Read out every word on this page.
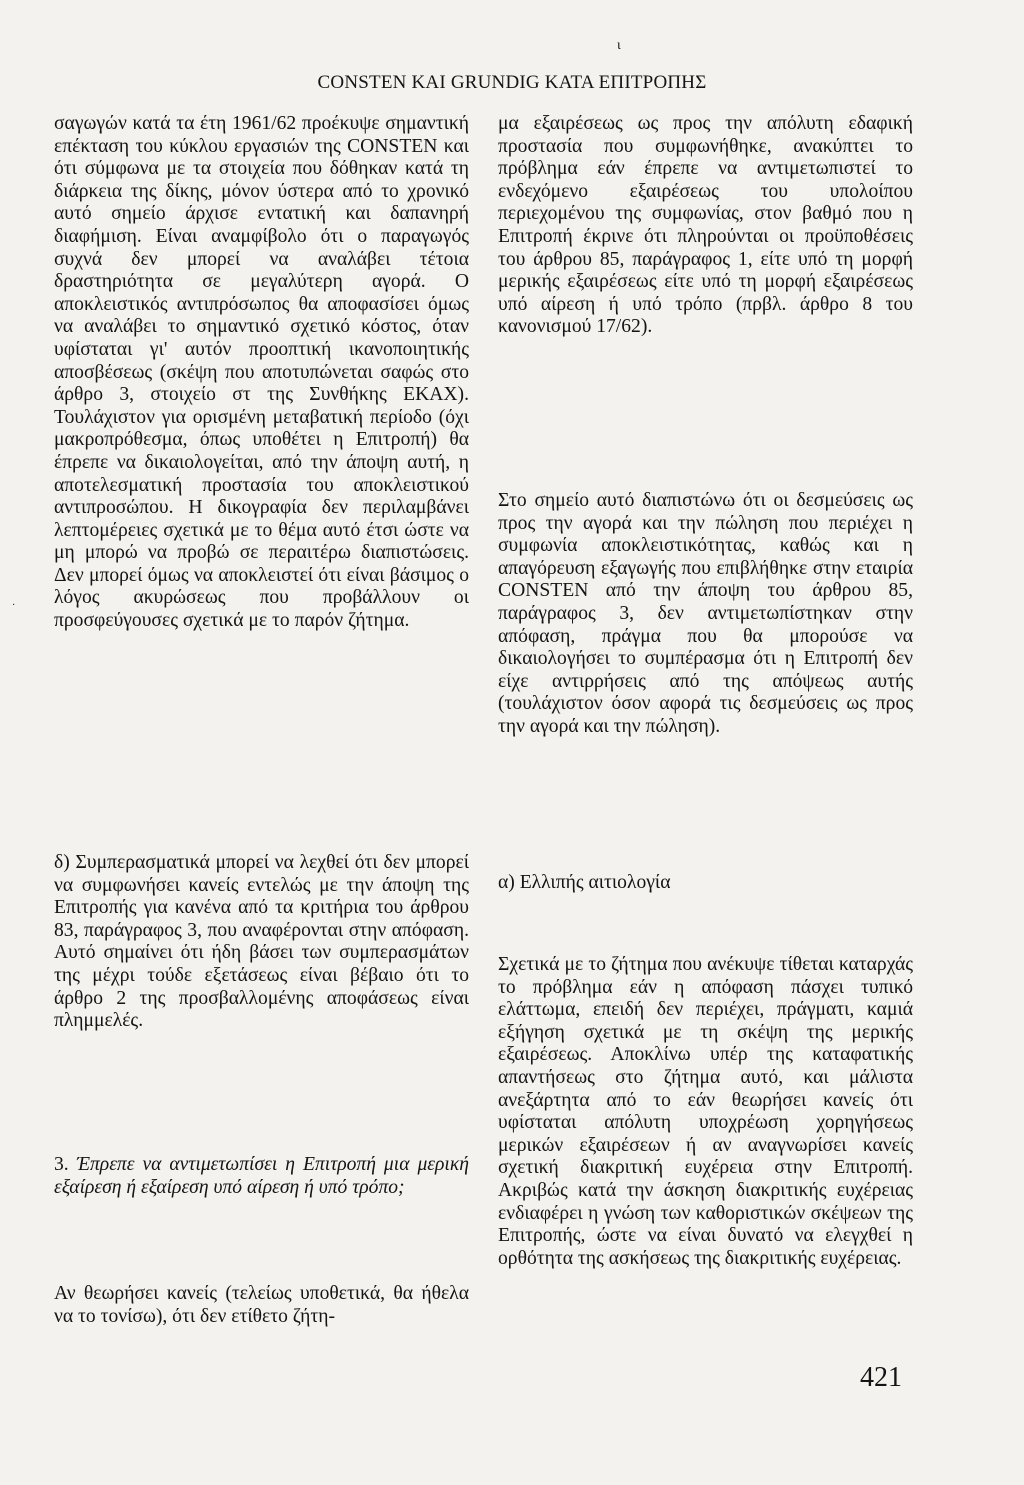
ι
CONSTEN KAI GRUNDIG KATA ΕΠΙΤΡΟΠΗΣ
·

σαγωγών κατά τα έτη 1961/62 προέκυψε σημαντική επέκταση του κύκλου εργασιών της CONSTEN και ότι σύμφωνα με τα στοιχεία που δόθηκαν κατά τη διάρκεια της δίκης, μόνον ύστερα από το χρονικό αυτό σημείο άρχισε εντατική και δαπανηρή διαφήμιση. Είναι αναμφίβολο ότι ο παραγωγός συχνά δεν μπορεί να αναλάβει τέτοια δραστηριότητα σε μεγαλύτερη αγορά. Ο αποκλειστικός αντιπρόσωπος θα αποφασίσει όμως να αναλάβει το σημαντικό σχετικό κόστος, όταν υφίσταται γι' αυτόν προοπτική ικανοποιητικής αποσβέσεως (σκέψη που αποτυπώνεται σαφώς στο άρθρο 3, στοιχείο στ της Συνθήκης ΕΚΑΧ). Τουλάχιστον για ορισμένη μεταβατική περίοδο (όχι μακροπρόθεσμα, όπως υποθέτει η Επιτροπή) θα έπρεπε να δικαιολογείται, από την άποψη αυτή, η αποτελεσματική προστασία του αποκλειστικού αντιπροσώπου. Η δικογραφία δεν περιλαμβάνει λεπτομέρειες σχετικά με το θέμα αυτό έτσι ώστε να μη μπορώ να προβώ σε περαιτέρω διαπιστώσεις. Δεν μπορεί όμως να αποκλειστεί ότι είναι βάσιμος ο λόγος ακυρώσεως που προβάλλουν οι προσφεύγουσες σχετικά με το παρόν ζήτημα.

δ) Συμπερασματικά μπορεί να λεχθεί ότι δεν μπορεί να συμφωνήσει κανείς εντελώς με την άποψη της Επιτροπής για κανένα από τα κριτήρια του άρθρου 83, παράγραφος 3, που αναφέρονται στην απόφαση. Αυτό σημαίνει ότι ήδη βάσει των συμπερασμάτων της μέχρι τούδε εξετάσεως είναι βέβαιο ότι το άρθρο 2 της προσβαλλομένης αποφάσεως είναι πλημμελές.

3. Έπρεπε να αντιμετωπίσει η Επιτροπή μια μερική εξαίρεση ή εξαίρεση υπό αίρεση ή υπό τρόπο;

Αν θεωρήσει κανείς (τελείως υποθετικά, θα ήθελα να το τονίσω), ότι δεν ετίθετο ζήτη-

μα εξαιρέσεως ως προς την απόλυτη εδαφική προστασία που συμφωνήθηκε, ανακύπτει το πρόβλημα εάν έπρεπε να αντιμετωπιστεί το ενδεχόμενο εξαιρέσεως του υπολοίπου περιεχομένου της συμφωνίας, στον βαθμό που η Επιτροπή έκρινε ότι πληρούνται οι προϋποθέσεις του άρθρου 85, παράγραφος 1, είτε υπό τη μορφή μερικής εξαιρέσεως είτε υπό τη μορφή εξαιρέσεως υπό αίρεση ή υπό τρόπο (πρβλ. άρθρο 8 του κανονισμού 17/62).

Στο σημείο αυτό διαπιστώνω ότι οι δεσμεύσεις ως προς την αγορά και την πώληση που περιέχει η συμφωνία αποκλειστικότητας, καθώς και η απαγόρευση εξαγωγής που επιβλήθηκε στην εταιρία CONSTEN από την άποψη του άρθρου 85, παράγραφος 3, δεν αντιμετωπίστηκαν στην απόφαση, πράγμα που θα μπορούσε να δικαιολογήσει το συμπέρασμα ότι η Επιτροπή δεν είχε αντιρρήσεις από της απόψεως αυτής (τουλάχιστον όσον αφορά τις δεσμεύσεις ως προς την αγορά και την πώληση).

α) Ελλιπής αιτιολογία

Σχετικά με το ζήτημα που ανέκυψε τίθεται καταρχάς το πρόβλημα εάν η απόφαση πάσχει τυπικό ελάττωμα, επειδή δεν περιέχει, πράγματι, καμιά εξήγηση σχετικά με τη σκέψη της μερικής εξαιρέσεως. Αποκλίνω υπέρ της καταφατικής απαντήσεως στο ζήτημα αυτό, και μάλιστα ανεξάρτητα από το εάν θεωρήσει κανείς ότι υφίσταται απόλυτη υποχρέωση χορηγήσεως μερικών εξαιρέσεων ή αν αναγνωρίσει κανείς σχετική διακριτική ευχέρεια στην Επιτροπή. Ακριβώς κατά την άσκηση διακριτικής ευχέρειας ενδιαφέρει η γνώση των καθοριστικών σκέψεων της Επιτροπής, ώστε να είναι δυνατό να ελεγχθεί η ορθότητα της ασκήσεως της διακριτικής ευχέρειας.

421
